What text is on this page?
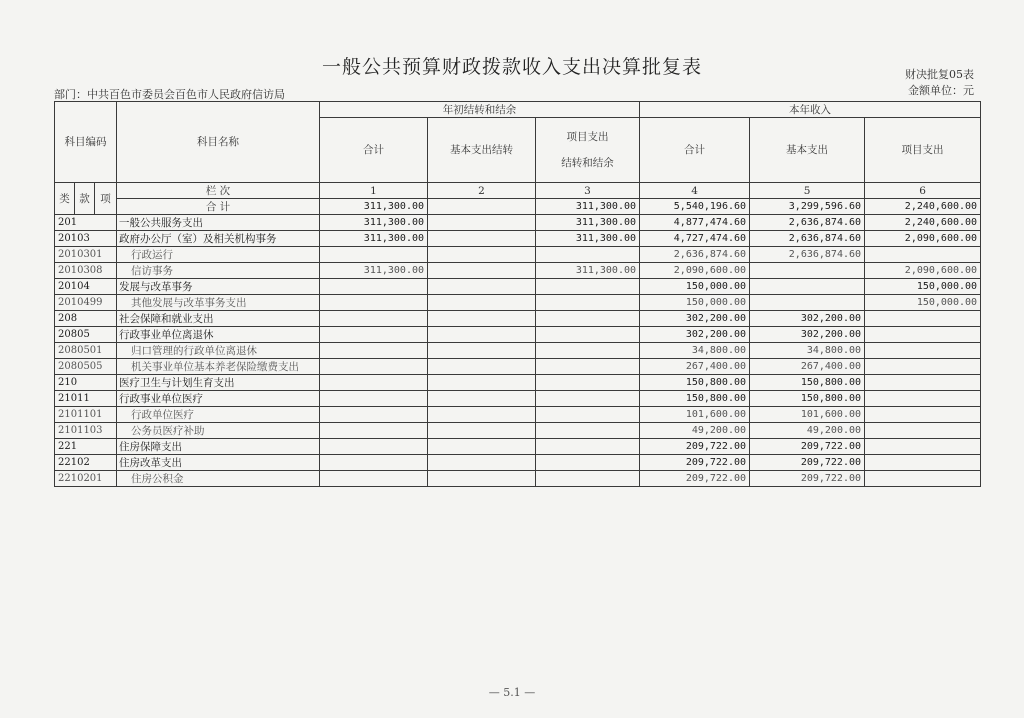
一般公共预算财政拨款收入支出决算批复表	财决批复05表
金额单位：元
部门：中共百色市委员会百色市人民政府信访局
科目编码			科目名称	年初结转和结余			本年收入		
				合计	基本支出结转	项目支出
结转和结余	合计	基本支出	项目支出

类	款	项	栏 次	1	2	3	4	5	6
			合 计	311,300.00		311,300.00	5,540,196.60	3,299,596.60	2,240,600.00
201			一般公共服务支出	311,300.00		311,300.00	4,877,474.60	2,636,874.60	2,240,600.00
20103			政府办公厅（室）及相关机构事务	311,300.00		311,300.00	4,727,474.60	2,636,874.60	2,090,600.00
2010301			行政运行				2,636,874.60	2,636,874.60	
2010308			信访事务	311,300.00		311,300.00	2,090,600.00		2,090,600.00
20104			发展与改革事务				150,000.00		150,000.00
2010499			其他发展与改革事务支出				150,000.00		150,000.00
208			社会保障和就业支出				302,200.00	302,200.00	
20805			行政事业单位离退休				302,200.00	302,200.00	
2080501			归口管理的行政单位离退休				34,800.00	34,800.00	
2080505			机关事业单位基本养老保险缴费支出				267,400.00	267,400.00	
210			医疗卫生与计划生育支出				150,800.00	150,800.00	
21011			行政事业单位医疗				150,800.00	150,800.00	
2101101			行政单位医疗				101,600.00	101,600.00	
2101103			公务员医疗补助				49,200.00	49,200.00	
221			住房保障支出				209,722.00	209,722.00	
22102			住房改革支出				209,722.00	209,722.00	
2210201			住房公积金				209,722.00	209,722.00	
— 5.1 —
